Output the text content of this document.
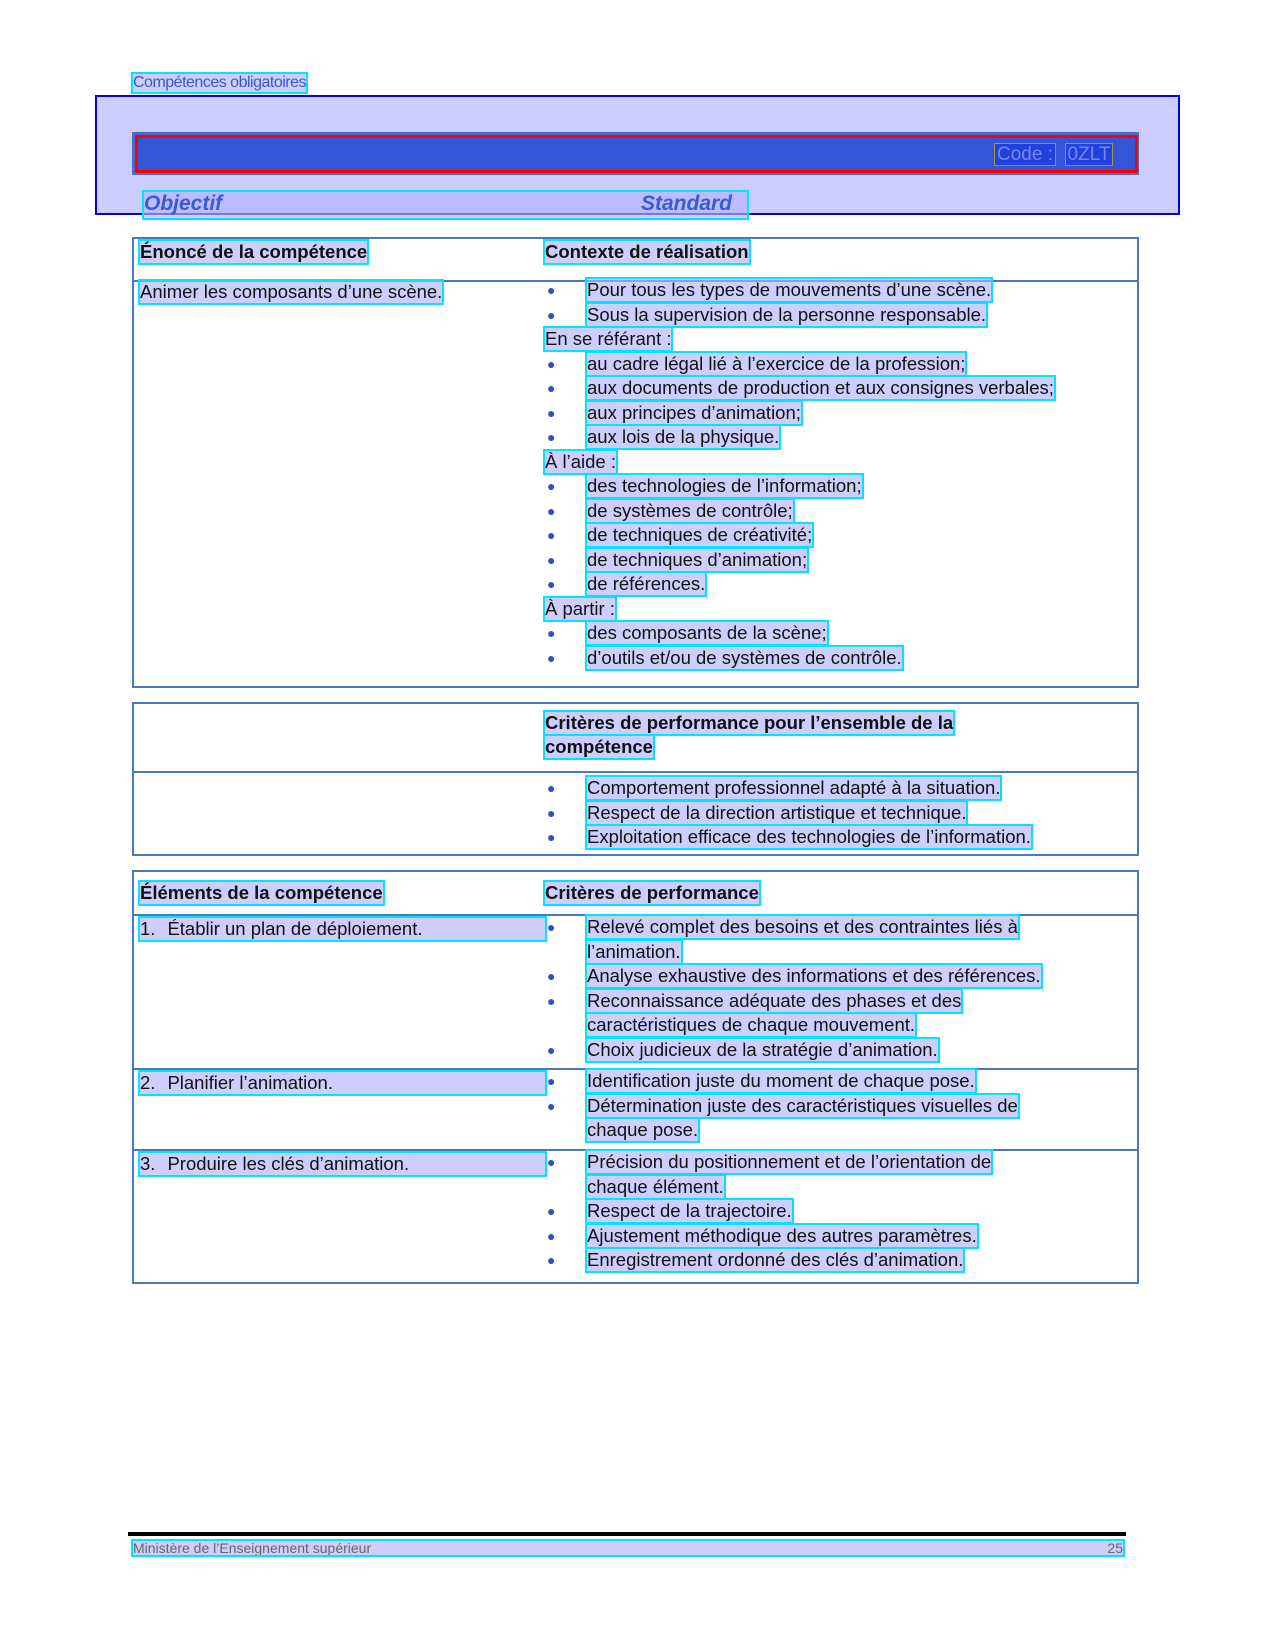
Compétences obligatoires
Code : 0ZLT
Objectif	Standard
Énoncé de la compétence	Contexte de réalisation
Animer les composants d’une scène.	● Pour tous les types de mouvements d’une scène.
● Sous la supervision de la personne responsable.
En se référant :
● au cadre légal lié à l’exercice de la profession;
● aux documents de production et aux consignes verbales;
● aux principes d’animation;
● aux lois de la physique.
À l’aide :
● des technologies de l’information;
● de systèmes de contrôle;
● de techniques de créativité;
● de techniques d’animation;
● de références.
À partir :
● des composants de la scène;
● d’outils et/ou de systèmes de contrôle.
Critères de performance pour l’ensemble de la
compétence
● Comportement professionnel adapté à la situation.
● Respect de la direction artistique et technique.
● Exploitation efficace des technologies de l’information.
Éléments de la compétence	Critères de performance
1. Établir un plan de déploiement.	● Relevé complet des besoins et des contraintes liés à
l’animation.
● Analyse exhaustive des informations et des références.
● Reconnaissance adéquate des phases et des
caractéristiques de chaque mouvement.
● Choix judicieux de la stratégie d’animation.
2. Planifier l’animation.	● Identification juste du moment de chaque pose.
● Détermination juste des caractéristiques visuelles de
chaque pose.
3. Produire les clés d’animation.	● Précision du positionnement et de l’orientation de
chaque élément.
● Respect de la trajectoire.
● Ajustement méthodique des autres paramètres.
● Enregistrement ordonné des clés d’animation.
Ministère de l’Enseignement supérieur	25
